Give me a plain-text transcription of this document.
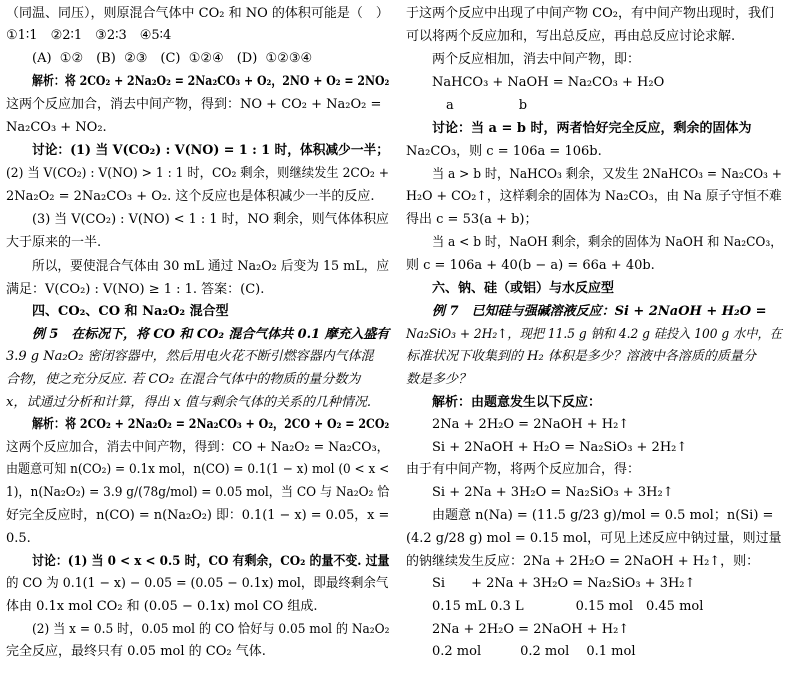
（同温、同压），则原混合气体中 CO₂ 和 NO 的体积可能是（　）
①1∶1　②2∶1　③2∶3　④5∶4
(A)  ①②　(B)  ②③　(C)  ①②④　(D)  ①②③④
解析：将 2CO₂ + 2Na₂O₂ = 2Na₂CO₃ + O₂，2NO + O₂ = 2NO₂
这两个反应加合，消去中间产物，得到：NO + CO₂ + Na₂O₂ =
Na₂CO₃ + NO₂.
讨论：(1) 当 V(CO₂) : V(NO) = 1 : 1 时，体积减少一半；
(2) 当 V(CO₂) : V(NO) > 1 : 1 时，CO₂ 剩余，则继续发生 2CO₂ +
2Na₂O₂ = 2Na₂CO₃ + O₂. 这个反应也是体积减少一半的反应.
(3) 当 V(CO₂) : V(NO) < 1 : 1 时，NO 剩余，则气体体积应
大于原来的一半.
所以，要使混合气体由 30 mL 通过 Na₂O₂ 后变为 15 mL，应
满足：V(CO₂) : V(NO) ≥ 1 : 1. 答案：(C).
四、CO₂、CO 和 Na₂O₂ 混合型
例 5　在标况下，将 CO 和 CO₂ 混合气体共 0.1 摩充入盛有
3.9 g Na₂O₂ 密闭容器中，然后用电火花不断引燃容器内气体混
合物，使之充分反应. 若 CO₂ 在混合气体中的物质的量分数为
x，试通过分析和计算，得出 x 值与剩余气体的关系的几种情况.
解析：将 2CO₂ + 2Na₂O₂ = 2Na₂CO₃ + O₂，2CO + O₂ = 2CO₂
这两个反应加合，消去中间产物，得到：CO + Na₂O₂ = Na₂CO₃，
由题意可知 n(CO₂) = 0.1x mol，n(CO) = 0.1(1 − x) mol (0 < x <
1)，n(Na₂O₂) = 3.9 g/(78g/mol) = 0.05 mol，当 CO 与 Na₂O₂ 恰
好完全反应时，n(CO) = n(Na₂O₂) 即：0.1(1 − x) = 0.05，x =
0.5.
讨论：(1) 当 0 < x < 0.5 时，CO 有剩余，CO₂ 的量不变. 过量
的 CO 为 0.1(1 − x) − 0.05 = (0.05 − 0.1x) mol，即最终剩余气
体由 0.1x mol CO₂ 和 (0.05 − 0.1x) mol CO 组成.
(2) 当 x = 0.5 时，0.05 mol 的 CO 恰好与 0.05 mol 的 Na₂O₂
完全反应，最终只有 0.05 mol 的 CO₂ 气体.
于这两个反应中出现了中间产物 CO₂，有中间产物出现时，我们
可以将两个反应加和，写出总反应，再由总反应讨论求解.
两个反应相加，消去中间产物，即：
NaHCO₃ + NaOH = Na₂CO₃ + H₂O
a　　　　　b
讨论：当 a = b 时，两者恰好完全反应，剩余的固体为
Na₂CO₃，则 c = 106a = 106b.
当 a > b 时，NaHCO₃ 剩余，又发生 2NaHCO₃ = Na₂CO₃ +
H₂O + CO₂↑，这样剩余的固体为 Na₂CO₃，由 Na 原子守恒不难
得出 c = 53(a + b)；
当 a < b 时，NaOH 剩余，剩余的固体为 NaOH 和 Na₂CO₃，
则 c = 106a + 40(b − a) = 66a + 40b.
六、钠、硅（或铝）与水反应型
例 7　已知硅与强碱溶液反应：Si + 2NaOH + H₂O =
Na₂SiO₃ + 2H₂↑，现把 11.5 g 钠和 4.2 g 硅投入 100 g 水中，在
标准状况下收集到的 H₂ 体积是多少？溶液中各溶质的质量分
数是多少？
解析：由题意发生以下反应：
2Na + 2H₂O = 2NaOH + H₂↑
Si + 2NaOH + H₂O = Na₂SiO₃ + 2H₂↑
由于有中间产物，将两个反应加合，得：
Si + 2Na + 3H₂O = Na₂SiO₃ + 3H₂↑
由题意 n(Na) = (11.5 g/23 g)/mol = 0.5 mol；n(Si) =
(4.2 g/28 g) mol = 0.15 mol，可见上述反应中钠过量，则过量
的钠继续发生反应：2Na + 2H₂O = 2NaOH + H₂↑，则：
Si　　+ 2Na + 3H₂O = Na₂SiO₃ + 3H₂↑
0.15 mL 0.3 L　　　　0.15 mol　0.45 mol
2Na + 2H₂O = 2NaOH + H₂↑
0.2 mol　　　0.2 mol　 0.1 mol
